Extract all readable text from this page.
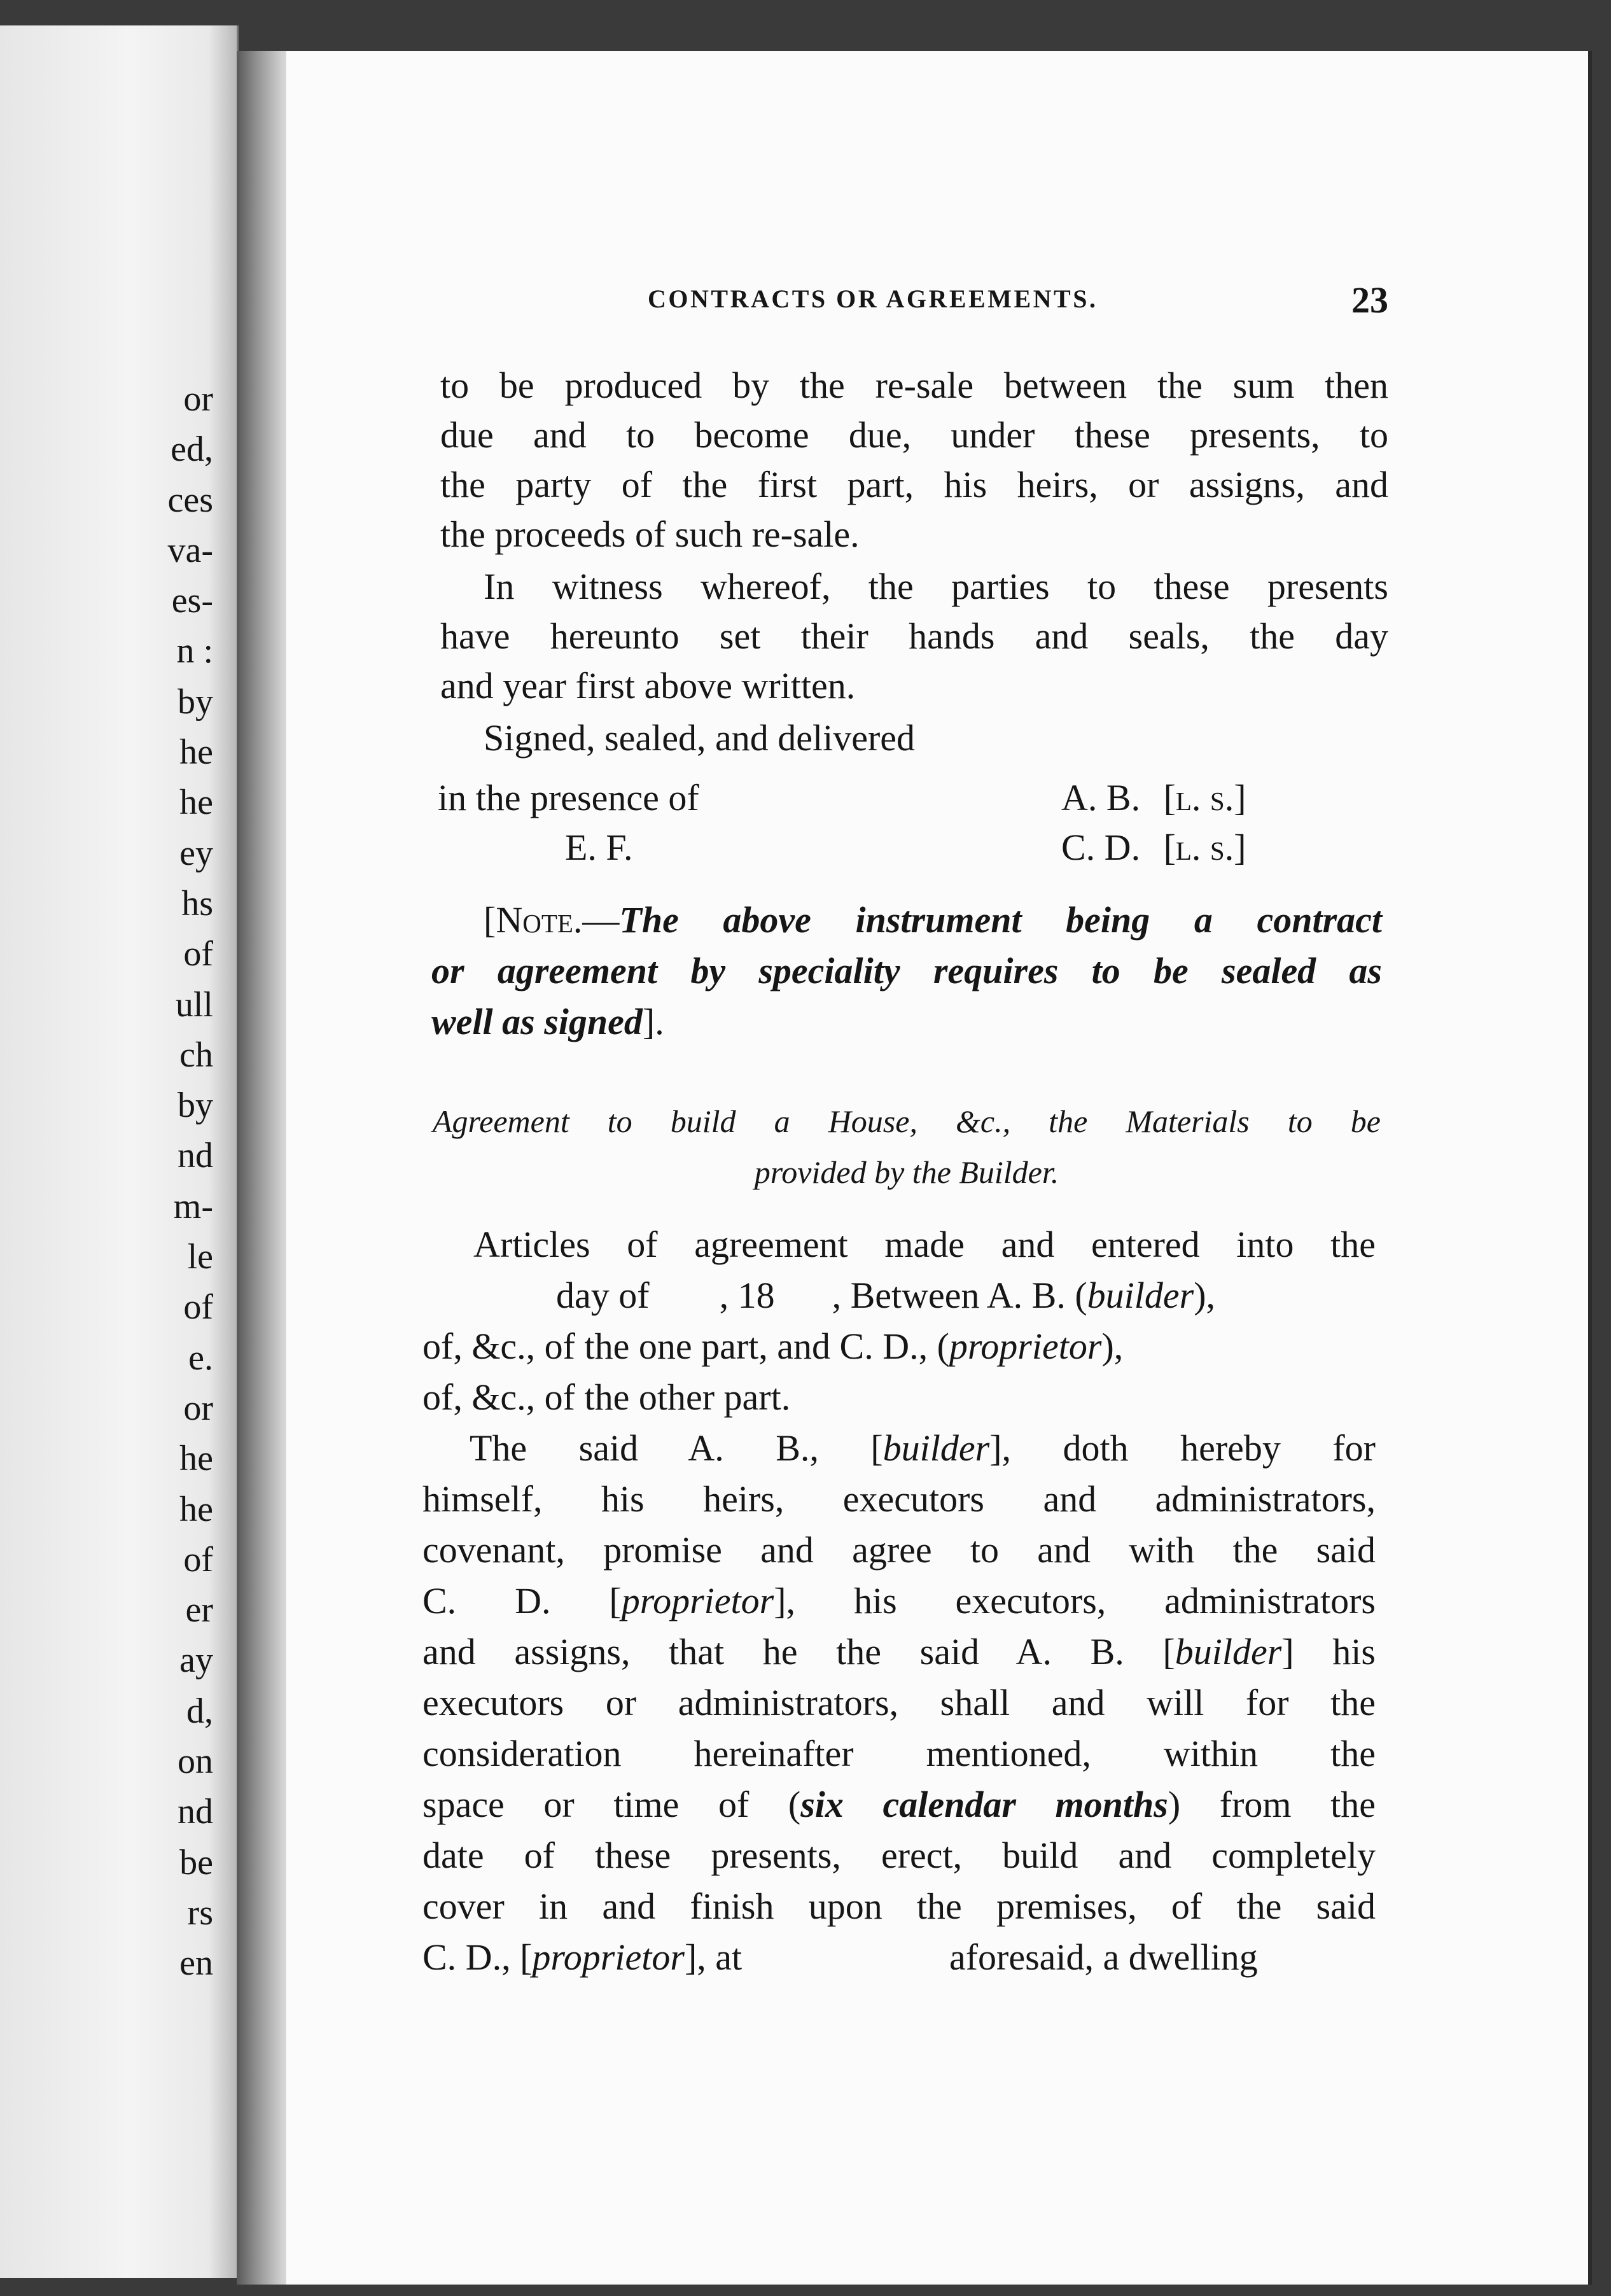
or
ed,
ces
va-
es-
n :
by
he
he
ey
hs
of
ull
ch
by
nd
m-
le
of
e.
or
he
he
of
er
ay
d,
on
nd
be
rs
en
CONTRACTS OR AGREEMENTS.	23
to be produced by the re-sale between the sum then
due and to become due, under these presents, to
the party of the first part, his heirs, or assigns, and
the proceeds of such re-sale.
In witness whereof, the parties to these presents
have hereunto set their hands and seals, the day
and year first above written.
Signed, sealed, and delivered
in the presence of	A. B. [l. s.]
E. F.	C. D. [l. s.]
[Note.—The above instrument being a contract
or agreement by speciality requires to be sealed as
well as signed].
Agreement to build a House, &c., the Materials to be
provided by the Builder.
Articles of agreement made and entered into the
day of , 18 , Between A. B. (builder),
of, &c., of the one part, and C. D., (proprietor),
of, &c., of the other part.
The said A. B., [builder], doth hereby for
himself, his heirs, executors and administrators,
covenant, promise and agree to and with the said
C. D. [proprietor], his executors, administrators
and assigns, that he the said A. B. [builder] his
executors or administrators, shall and will for the
consideration hereinafter mentioned, within the
space or time of (six calendar months) from the
date of these presents, erect, build and completely
cover in and finish upon the premises, of the said
C. D., [proprietor], at	aforesaid, a dwelling
